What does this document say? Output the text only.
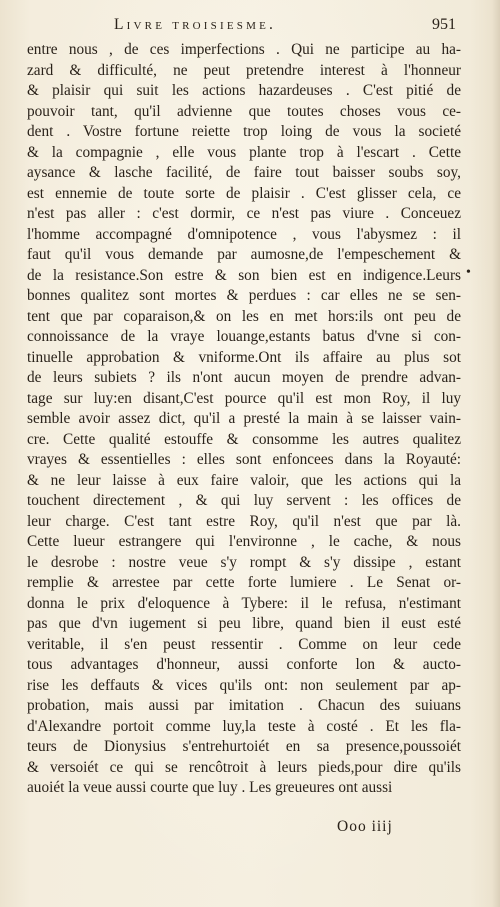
Livre troisiesme.	951
entre nous , de ces imperfections . Qui ne participe au ha-
zard & difficulté, ne peut pretendre interest à l'honneur
& plaisir qui suit les actions hazardeuses . C'est pitié de
pouvoir tant, qu'il advienne que toutes choses vous ce-
dent . Vostre fortune reiette trop loing de vous la societé
& la compagnie , elle vous plante trop à l'escart . Cette
aysance & lasche facilité, de faire tout baisser soubs soy,
est ennemie de toute sorte de plaisir . C'est glisser cela, ce
n'est pas aller : c'est dormir, ce n'est pas viure . Conceuez
l'homme accompagné d'omnipotence , vous l'abysmez : il
faut qu'il vous demande par aumosne,de l'empeschement &
de la resistance.Son estre & son bien est en indigence.Leurs
bonnes qualitez sont mortes & perdues : car elles ne se sen-
tent que par coparaison,& on les en met hors:ils ont peu de
connoissance de la vraye louange,estants batus d'vne si con-
tinuelle approbation & vniforme.Ont ils affaire au plus sot
de leurs subiets ? ils n'ont aucun moyen de prendre advan-
tage sur luy:en disant,C'est pource qu'il est mon Roy, il luy
semble avoir assez dict, qu'il a presté la main à se laisser vain-
cre. Cette qualité estouffe & consomme les autres qualitez
vrayes & essentielles : elles sont enfoncees dans la Royauté:
& ne leur laisse à eux faire valoir, que les actions qui la
touchent directement , & qui luy servent : les offices de
leur charge. C'est tant estre Roy, qu'il n'est que par là.
Cette lueur estrangere qui l'environne , le cache, & nous
le desrobe : nostre veue s'y rompt & s'y dissipe , estant
remplie & arrestee par cette forte lumiere . Le Senat or-
donna le prix d'eloquence à Tybere: il le refusa, n'estimant
pas que d'vn iugement si peu libre, quand bien il eust esté
veritable, il s'en peust ressentir . Comme on leur cede
tous advantages d'honneur, aussi conforte lon & aucto-
rise les deffauts & vices qu'ils ont: non seulement par ap-
probation, mais aussi par imitation . Chacun des suiuans
d'Alexandre portoit comme luy,la teste à costé . Et les fla-
teurs de Dionysius s'entrehurtoiét en sa presence,poussoiét
& versoiét ce qui se rencôtroit à leurs pieds,pour dire qu'ils
auoiét la veue aussi courte que luy . Les greueures ont aussi
•
Ooo iiij
